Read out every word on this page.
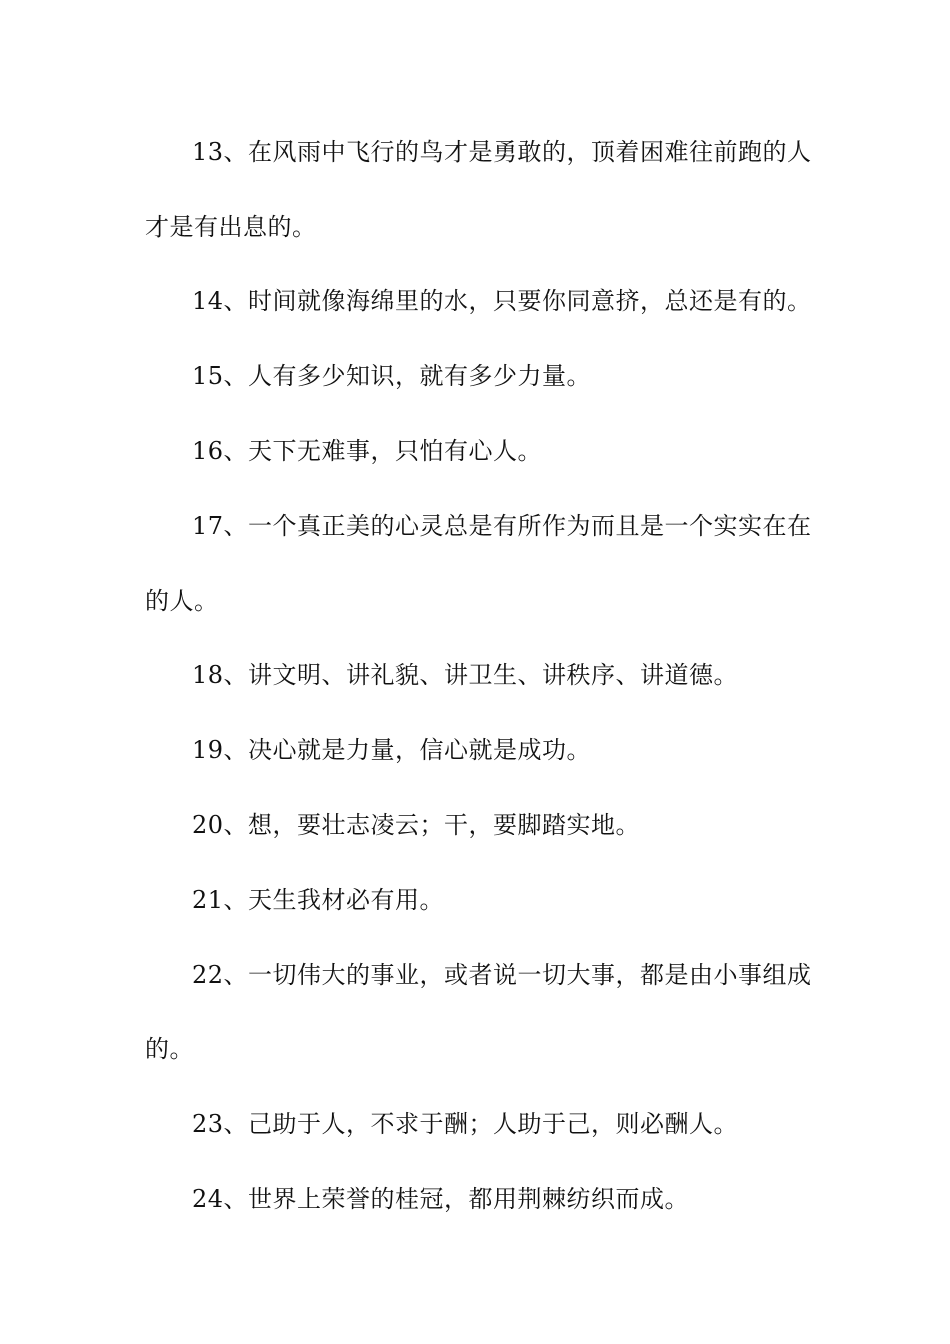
13、在风雨中飞行的鸟才是勇敢的，顶着困难往前跑的人
才是有出息的。
14、时间就像海绵里的水，只要你同意挤，总还是有的。
15、人有多少知识，就有多少力量。
16、天下无难事，只怕有心人。
17、一个真正美的心灵总是有所作为而且是一个实实在在
的人。
18、讲文明、讲礼貌、讲卫生、讲秩序、讲道德。
19、决心就是力量，信心就是成功。
20、想，要壮志凌云；干，要脚踏实地。
21、天生我材必有用。
22、一切伟大的事业，或者说一切大事，都是由小事组成
的。
23、己助于人，不求于酬；人助于己，则必酬人。
24、世界上荣誉的桂冠，都用荆棘纺织而成。
